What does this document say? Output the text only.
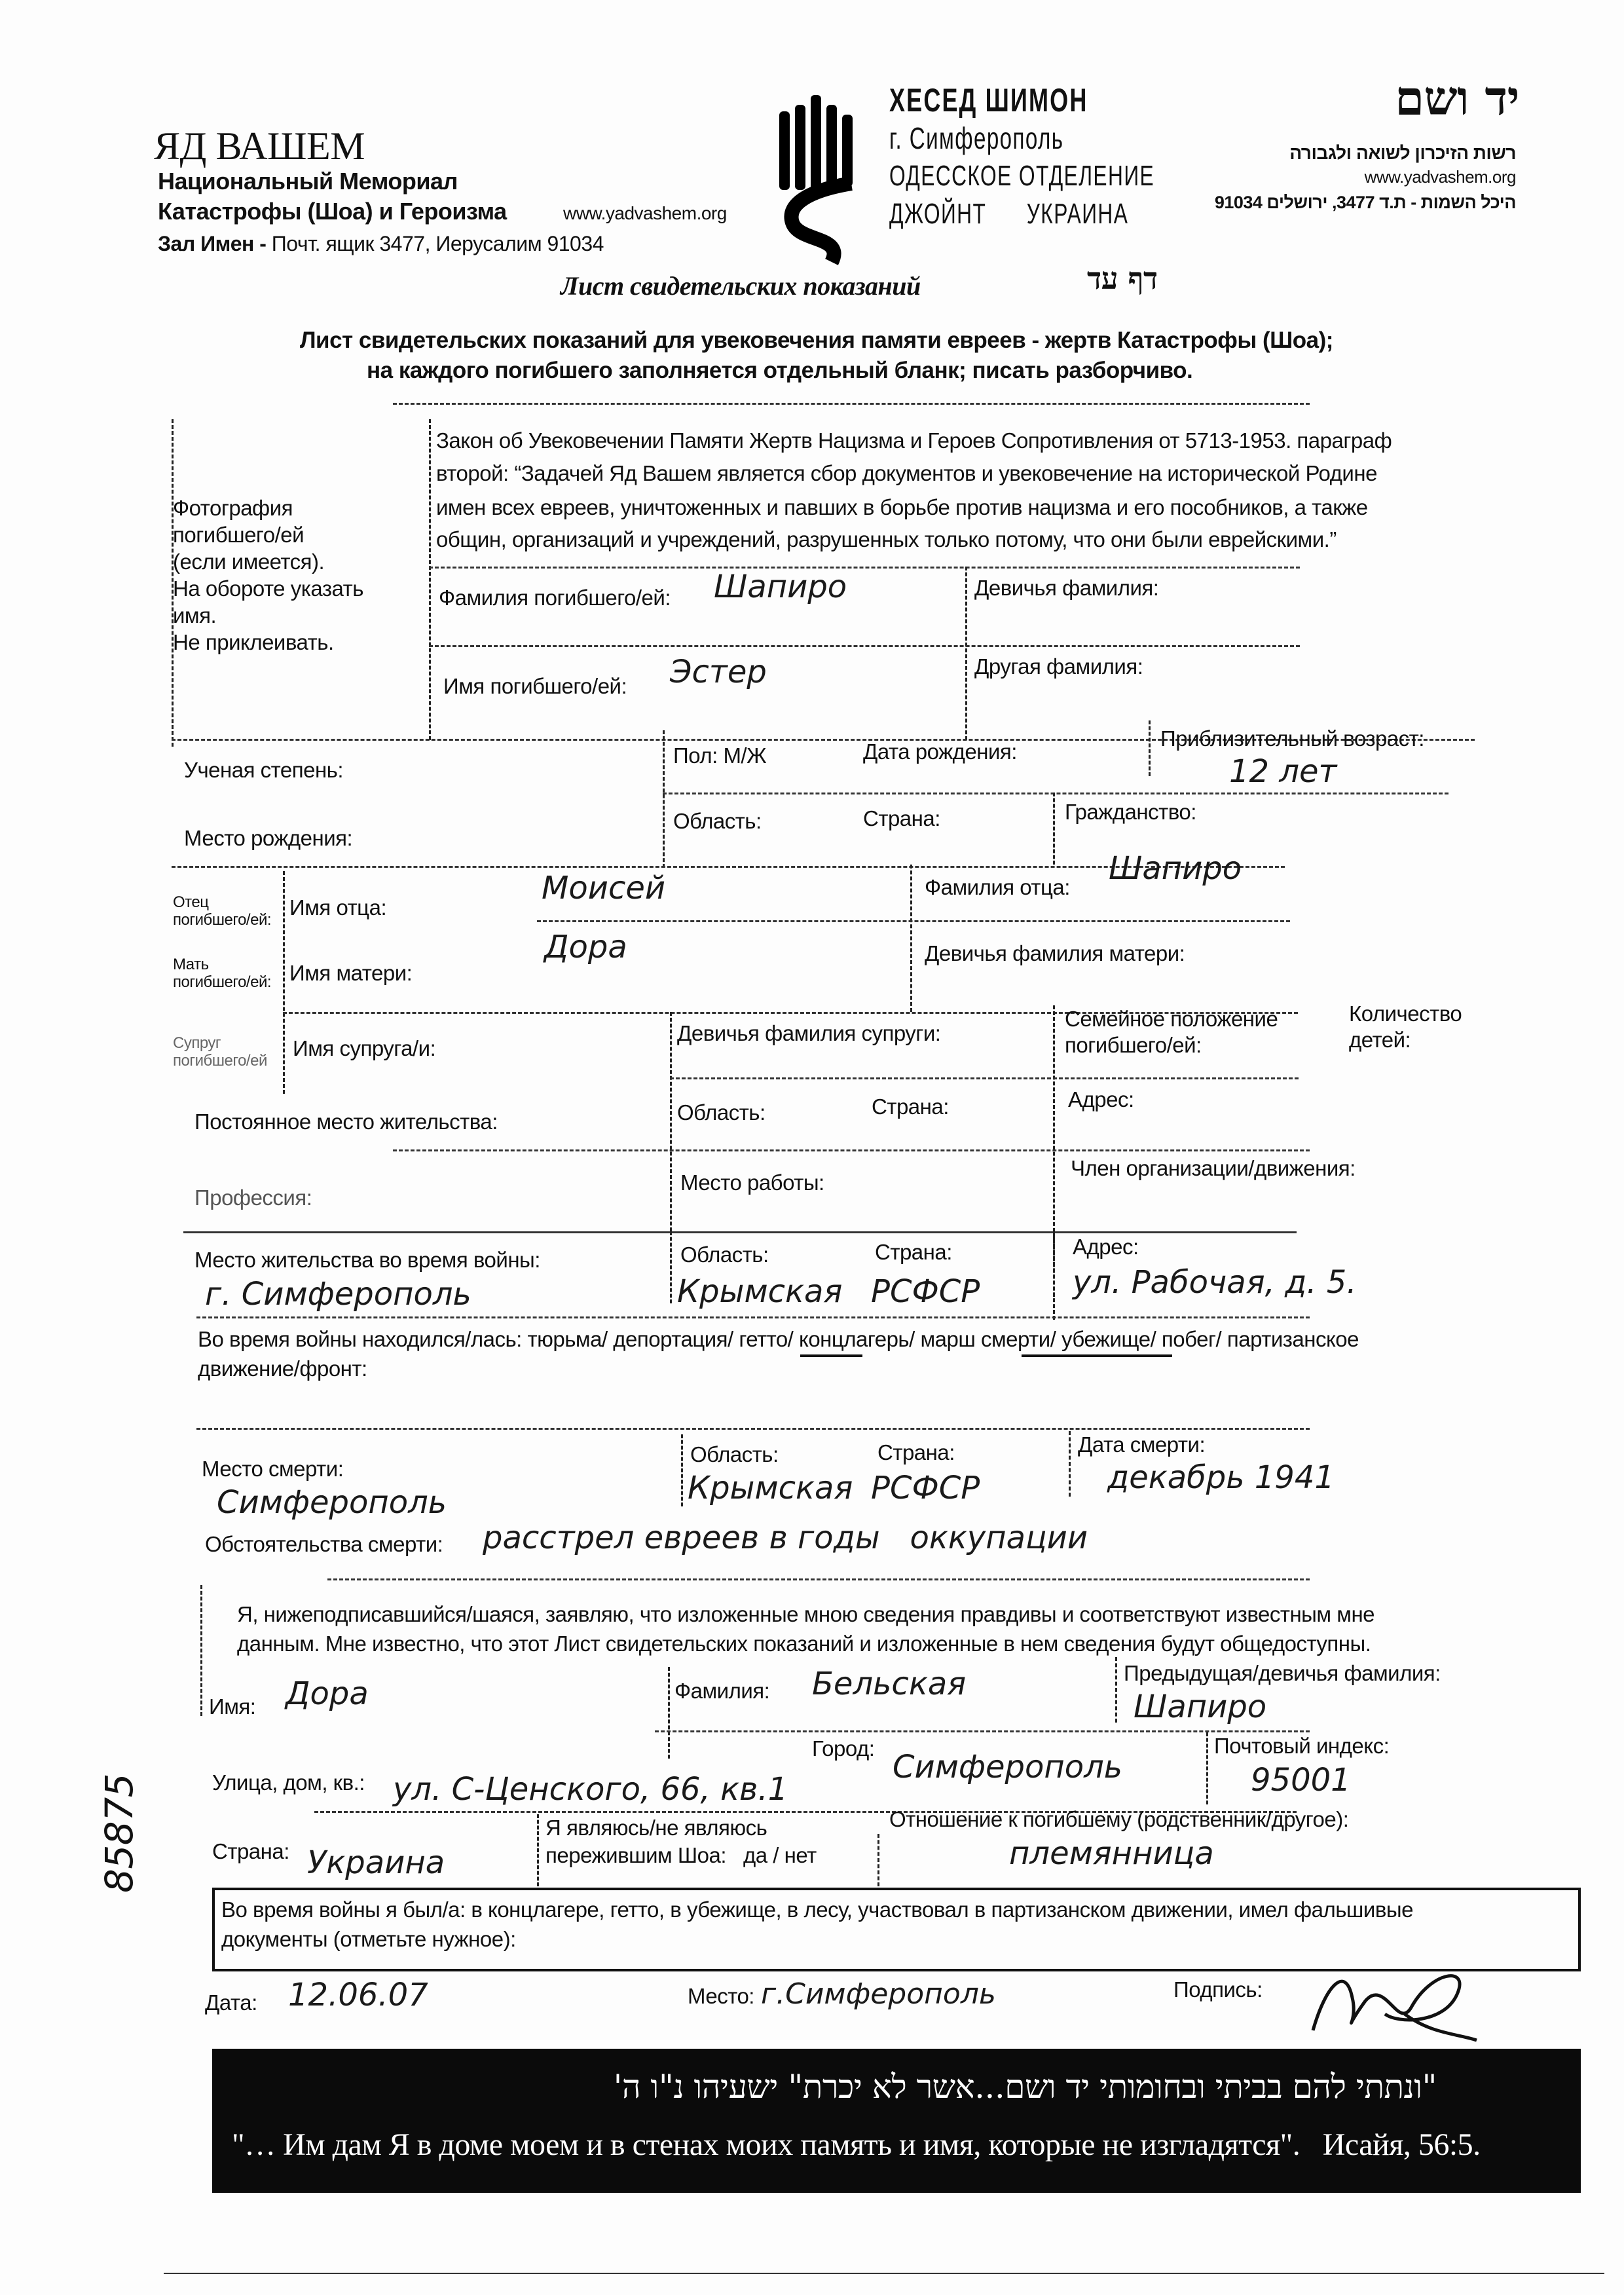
ЯД ВАШЕМ
Национальный Мемориал
Катастрофы (Шоа) и Героизма	www.yadvashem.org
Зал Имен - Почт. ящик 3477, Иерусалим 91034
ХЕСЕД ШИМОН
г. Симферополь
ОДЕССКОЕ ОТДЕЛЕНИЕ
ДЖОЙНТ      УКРАИНА
יד ושם
רשות הזיכרון לשואה ולגבורה
www.yadvashem.org
היכל השמות - ת.ד 3477, ירושלים 91034
Лист свидетельских показаний	דף עד
Лист свидетельских показаний для увековечения памяти евреев - жертв Катастрофы (Шоа);
на каждого погибшего заполняется отдельный бланк; писать разборчиво.
Закон об Увековечении Памяти Жертв Нацизма и Героев Сопротивления от 5713-1953. параграф
второй: “Задачей Яд Вашем является сбор документов и увековечение на исторической Родине
имен всех евреев, уничтоженных и павших в борьбе против нацизма и его пособников, а также
общин, организаций и учреждений, разрушенных только потому, что они были еврейскими.”
Фотография
погибшего/ей
(если имеется).
На обороте указать
имя.
Не приклеивать.
Фамилия погибшего/ей: Шапиро	Девичья фамилия:
Имя погибшего/ей: Эстер	Другая фамилия:
Ученая степень:
Пол: М/Ж	Дата рождения:
Приблизительный возраст:
12 лет
Место рождения:
Область:	Страна:	Гражданство:
Отец погибшего/ей:
Имя отца:
Моисей	Фамилия отца:
Шапиро
Мать погибшего/ей: Имя матери:
Дора	Девичья фамилия матери:
Супруг погибшего/ей
Имя супруга/и:
Девичья фамилия супруги:
Семейное положение
погибшего/ей:
Количество
детей:
Постоянное место жительства:	Область:	Страна:	Адрес:
Профессия:
Место работы:
Член организации/движения:
Место жительства во время войны:
г. Симферополь
Область:
Крымская
Страна:
РСФСР
Адрес:
ул. Рабочая, д. 5.
Во время войны находился/лась: тюрьма/ депортация/ гетто/ концлагерь/ марш смерти/ убежище/ побег/ партизанское
движение/фронт:
Место смерти:
Симферополь
Область:
Крымская
Страна:
РСФСР
Дата смерти:
декабрь 1941
Обстоятельства смерти: расстрел евреев в годы   оккупации
Я, нижеподписавшийся/шаяся, заявляю, что изложенные мною сведения правдивы и соответствуют известным мне
данным. Мне известно, что этот Лист свидетельских показаний и изложенные в нем сведения будут общедоступны.
Имя: Дора	Фамилия: Бельская	Предыдущая/девичья фамилия:
Шапиро
Улица, дом, кв.: ул. С-Ценского, 66, кв.1
Город:
Симферополь
Почтовый индекс:
95001
Страна: Украина
Я являюсь/не являюсь
пережившим Шоа:   да / нет
Отношение к погибшему (родственник/другое):
племянница
Во время войны я был/а: в концлагере, гетто, в убежище, в лесу, участвовал в партизанском движении, имел фальшивые
документы (отметьте нужное):
Дата: 12.06.07	Место: г.Симферополь	Подпись:
85875
"ונתתי להם בביתי ובחומותי יד ושם...אשר לא יכרת" ישעיהו נ"ו ה'
"… Им дам Я в доме моем и в стенах моих память и имя, которые не изгладятся".   Исайя, 56:5.
